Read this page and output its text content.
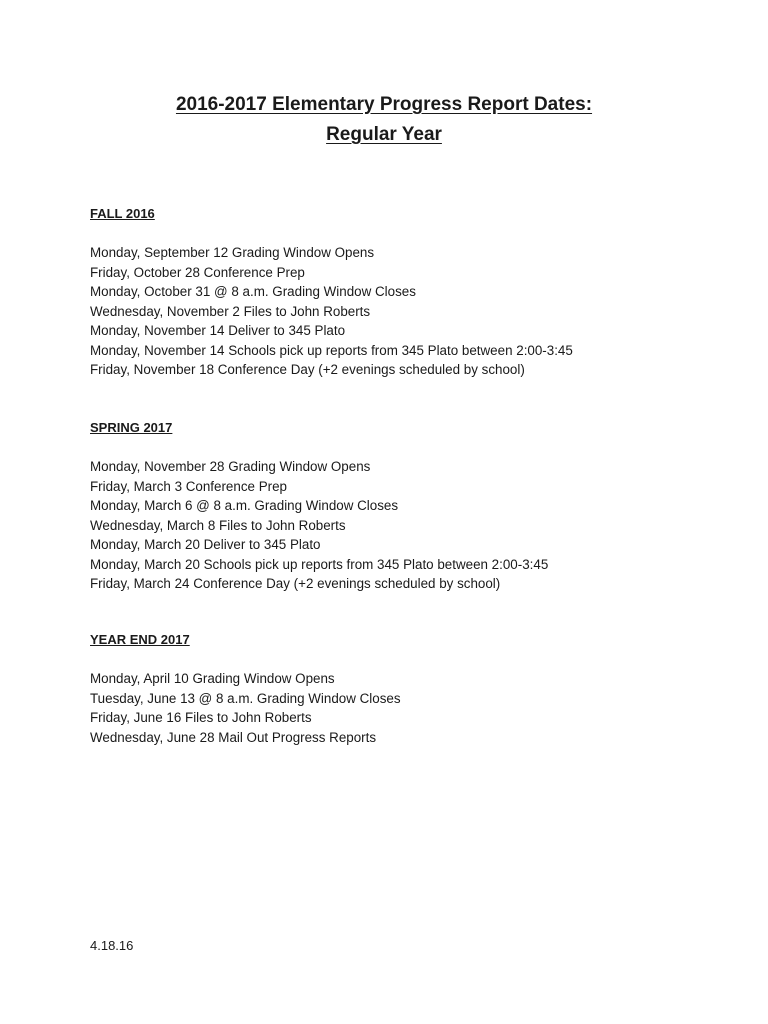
2016-2017 Elementary Progress Report Dates:
Regular Year
FALL 2016
Monday, September 12 Grading Window Opens
Friday, October 28 Conference Prep
Monday, October 31 @ 8 a.m. Grading Window Closes
Wednesday, November 2 Files to John Roberts
Monday, November 14 Deliver to 345 Plato
Monday, November 14 Schools pick up reports from 345 Plato between 2:00-3:45
Friday, November 18 Conference Day (+2 evenings scheduled by school)
SPRING 2017
Monday, November 28 Grading Window Opens
Friday, March 3 Conference Prep
Monday, March 6 @ 8 a.m. Grading Window Closes
Wednesday, March 8 Files to John Roberts
Monday, March 20 Deliver to 345 Plato
Monday, March 20 Schools pick up reports from 345 Plato between 2:00-3:45
Friday, March 24 Conference Day (+2 evenings scheduled by school)
YEAR END 2017
Monday, April 10 Grading Window Opens
Tuesday, June 13 @ 8 a.m. Grading Window Closes
Friday, June 16 Files to John Roberts
Wednesday, June 28 Mail Out Progress Reports
4.18.16
